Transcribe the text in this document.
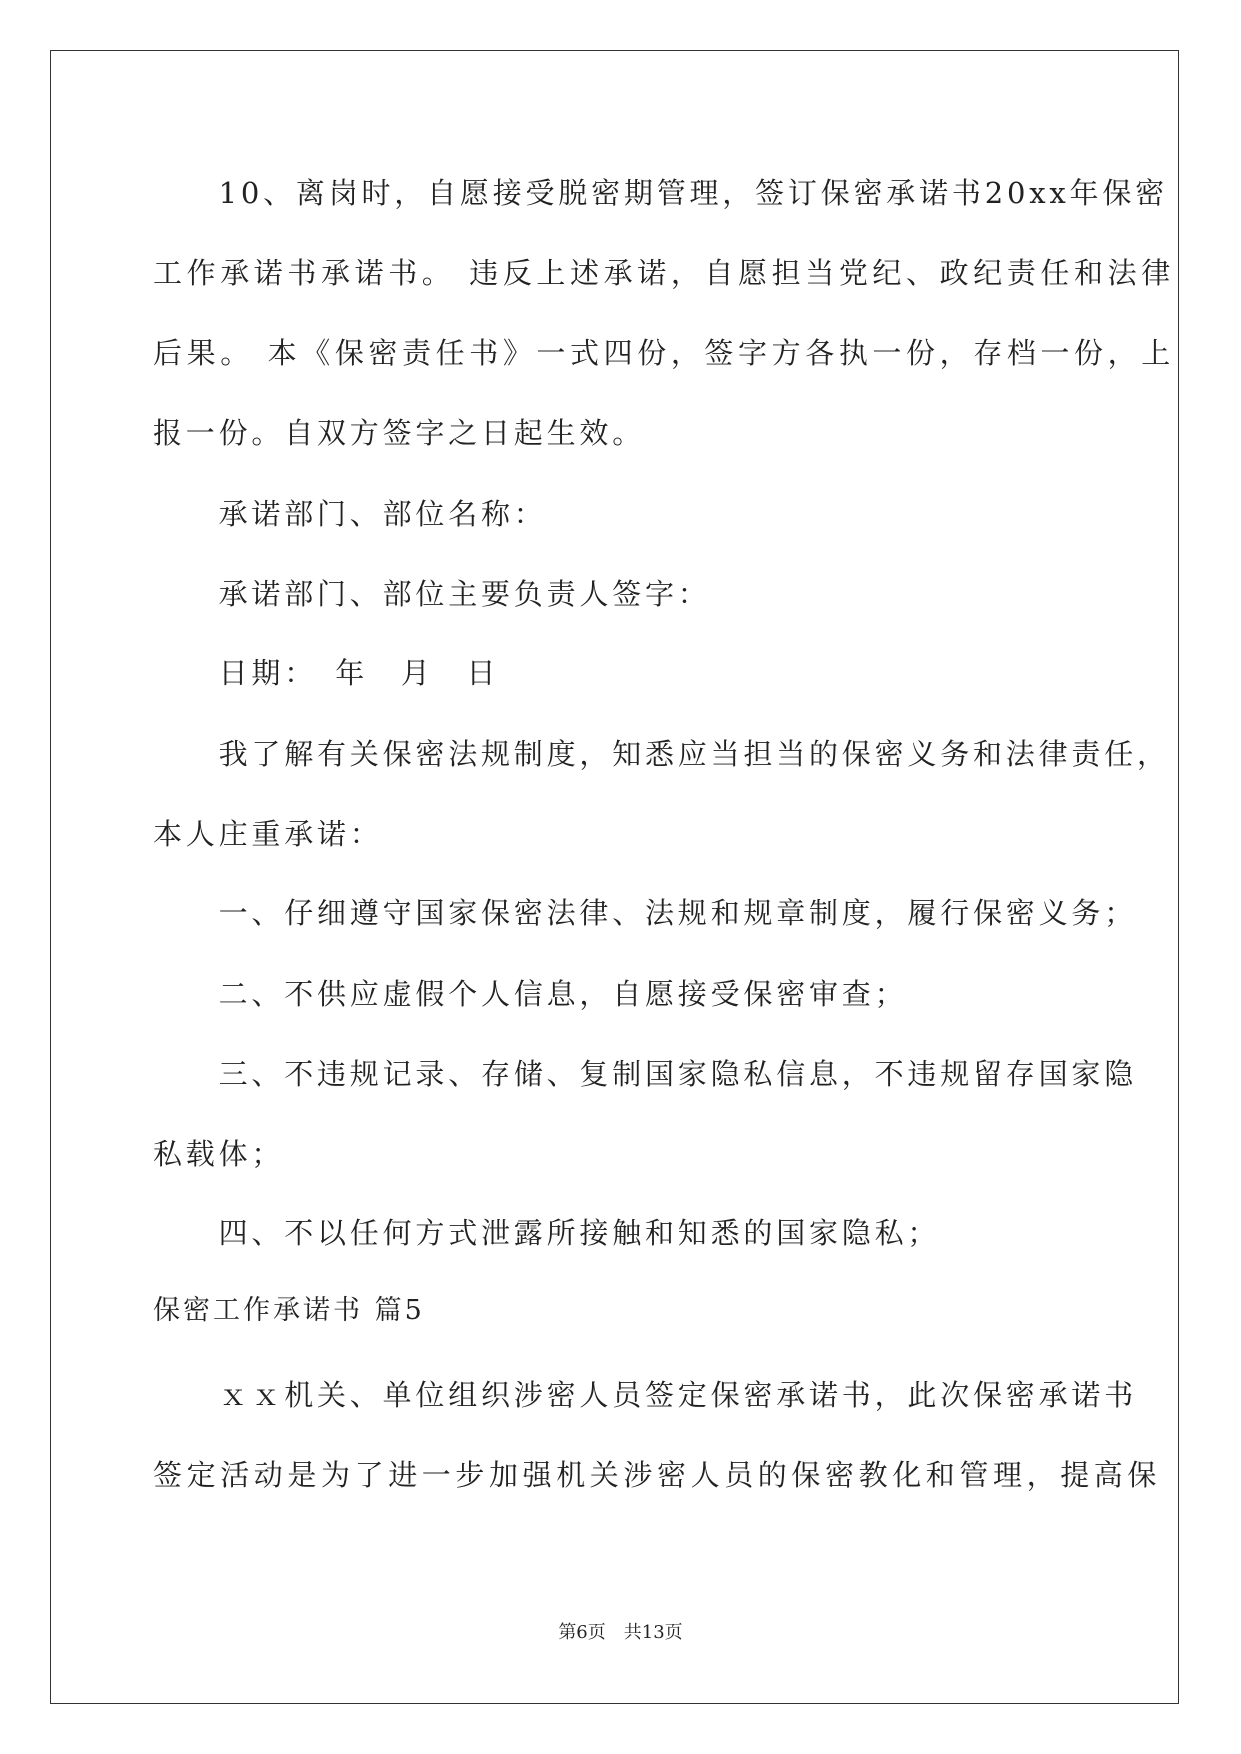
　　10、离岗时，自愿接受脱密期管理，签订保密承诺书20xx年保密
工作承诺书承诺书。 违反上述承诺，自愿担当党纪、政纪责任和法律
后果。 本《保密责任书》一式四份，签字方各执一份，存档一份，上
报一份。自双方签字之日起生效。
　　承诺部门、部位名称：
　　承诺部门、部位主要负责人签字：
　　日期：　年　月　日
　　我了解有关保密法规制度，知悉应当担当的保密义务和法律责任，
本人庄重承诺：
　　一、仔细遵守国家保密法律、法规和规章制度，履行保密义务；
　　二、不供应虚假个人信息，自愿接受保密审查；
　　三、不违规记录、存储、复制国家隐私信息，不违规留存国家隐
私载体；
　　四、不以任何方式泄露所接触和知悉的国家隐私；
保密工作承诺书 篇5
　　ｘｘ机关、单位组织涉密人员签定保密承诺书，此次保密承诺书
签定活动是为了进一步加强机关涉密人员的保密教化和管理，提高保
第6页　共13页
